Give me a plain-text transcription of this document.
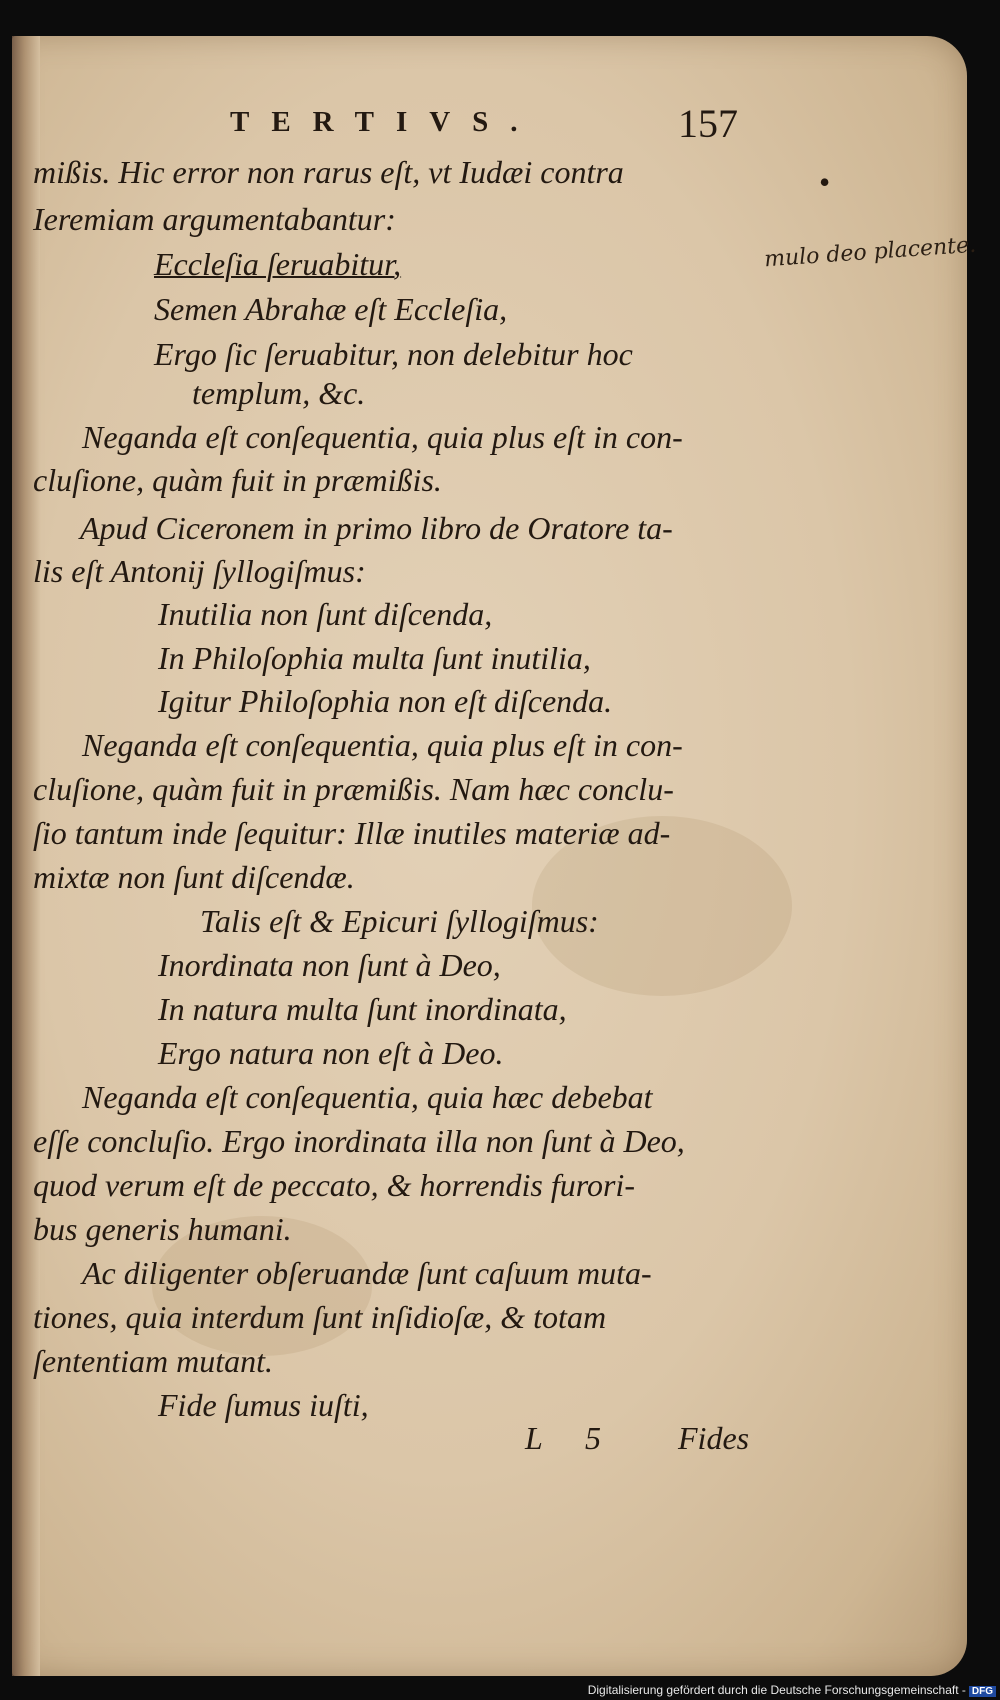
TERTIVS.	157
mißis. Hic error non rarus eſt, vt Iudæi contra
Ieremiam argumentabantur:
Eccleſia ſeruabitur,
Semen Abrahæ eſt Eccleſia,
Ergo ſic ſeruabitur, non delebitur hoc
templum, &c.
Neganda eſt conſequentia, quia plus eſt in con-
cluſione, quàm fuit in præmißis.
Apud Ciceronem in primo libro de Oratore ta-
lis eſt Antonij ſyllogiſmus:
Inutilia non ſunt diſcenda,
In Philoſophia multa ſunt inutilia,
Igitur Philoſophia non eſt diſcenda.
Neganda eſt conſequentia, quia plus eſt in con-
cluſione, quàm fuit in præmißis. Nam hæc conclu-
ſio tantum inde ſequitur: Illæ inutiles materiæ ad-
mixtæ non ſunt diſcendæ.
Talis eſt & Epicuri ſyllogiſmus:
Inordinata non ſunt à Deo,
In natura multa ſunt inordinata,
Ergo natura non eſt à Deo.
Neganda eſt conſequentia, quia hæc debebat
eſſe concluſio. Ergo inordinata illa non ſunt à Deo,
quod verum eſt de peccato, & horrendis furori-
bus generis humani.
Ac diligenter obſeruandæ ſunt caſuum muta-
tiones, quia interdum ſunt inſidioſæ, & totam
ſententiam mutant.
Fide ſumus iuſti,
•
mulo deo placente.
L 5 Fides
Digitalisierung gefördert durch die Deutsche Forschungsgemeinschaft - DFG
